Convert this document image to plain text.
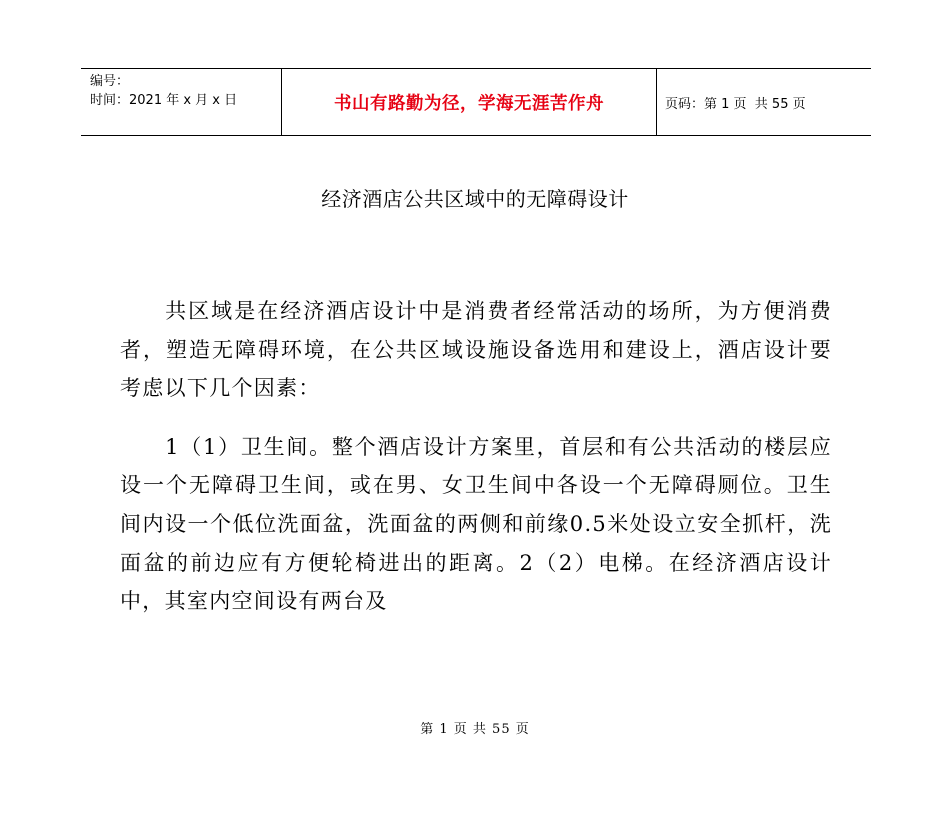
编号：
时间：2021 年 x 月 x 日	书山有路勤为径，学海无涯苦作舟	页码：第 1 页  共 55 页
经济酒店公共区域中的无障碍设计

共区域是在经济酒店设计中是消费者经常活动的场所，为方便消费者，塑造无障碍环境，在公共区域设施设备选用和建设上，酒店设计要考虑以下几个因素：

1（1）卫生间。整个酒店设计方案里，首层和有公共活动的楼层应设一个无障碍卫生间，或在男、女卫生间中各设一个无障碍厕位。卫生间内设一个低位洗面盆，洗面盆的两侧和前缘0.5米处设立安全抓杆，洗面盆的前边应有方便轮椅进出的距离。2（2）电梯。在经济酒店设计中，其室内空间设有两台及

第 1 页 共 55 页
